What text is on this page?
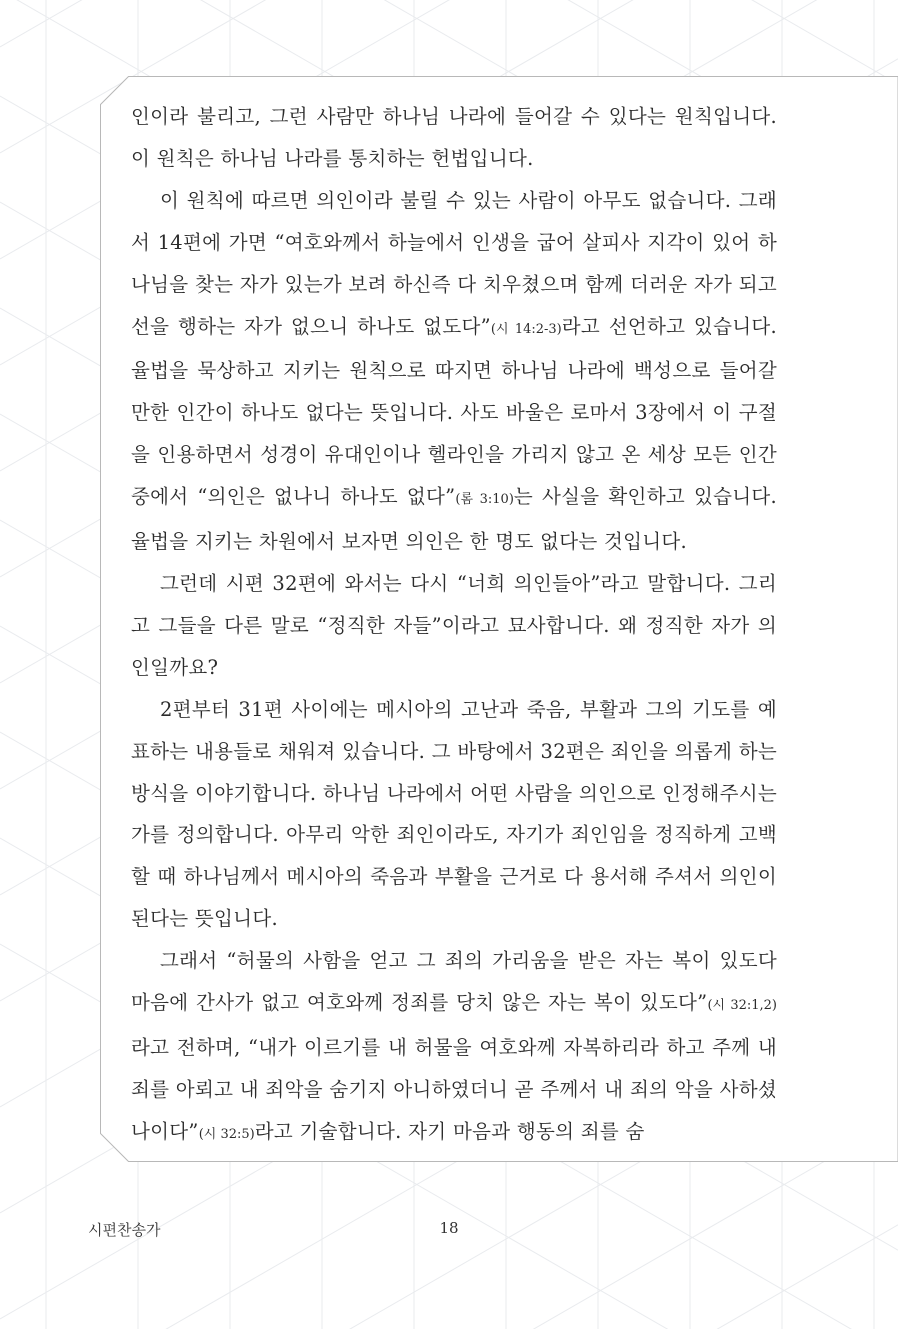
인이라 불리고, 그런 사람만 하나님 나라에 들어갈 수 있다는 원칙입니다. 이 원칙은 하나님 나라를 통치하는 헌법입니다.

이 원칙에 따르면 의인이라 불릴 수 있는 사람이 아무도 없습니다. 그래서 14편에 가면 “여호와께서 하늘에서 인생을 굽어 살피사 지각이 있어 하나님을 찾는 자가 있는가 보려 하신즉 다 치우쳤으며 함께 더러운 자가 되고 선을 행하는 자가 없으니 하나도 없도다”(시 14:2-3)라고 선언하고 있습니다. 율법을 묵상하고 지키는 원칙으로 따지면 하나님 나라에 백성으로 들어갈 만한 인간이 하나도 없다는 뜻입니다. 사도 바울은 로마서 3장에서 이 구절을 인용하면서 성경이 유대인이나 헬라인을 가리지 않고 온 세상 모든 인간 중에서 “의인은 없나니 하나도 없다”(롬 3:10)는 사실을 확인하고 있습니다. 율법을 지키는 차원에서 보자면 의인은 한 명도 없다는 것입니다.

그런데 시편 32편에 와서는 다시 “너희 의인들아”라고 말합니다. 그리고 그들을 다른 말로 “정직한 자들”이라고 묘사합니다. 왜 정직한 자가 의인일까요?

2편부터 31편 사이에는 메시아의 고난과 죽음, 부활과 그의 기도를 예표하는 내용들로 채워져 있습니다. 그 바탕에서 32편은 죄인을 의롭게 하는 방식을 이야기합니다. 하나님 나라에서 어떤 사람을 의인으로 인정해주시는가를 정의합니다. 아무리 악한 죄인이라도, 자기가 죄인임을 정직하게 고백할 때 하나님께서 메시아의 죽음과 부활을 근거로 다 용서해 주셔서 의인이 된다는 뜻입니다.

그래서 “허물의 사함을 얻고 그 죄의 가리움을 받은 자는 복이 있도다 마음에 간사가 없고 여호와께 정죄를 당치 않은 자는 복이 있도다”(시 32:1,2)라고 전하며, “내가 이르기를 내 허물을 여호와께 자복하리라 하고 주께 내 죄를 아뢰고 내 죄악을 숨기지 아니하였더니 곧 주께서 내 죄의 악을 사하셨나이다”(시 32:5)라고 기술합니다. 자기 마음과 행동의 죄를 숨

시편찬송가	18
